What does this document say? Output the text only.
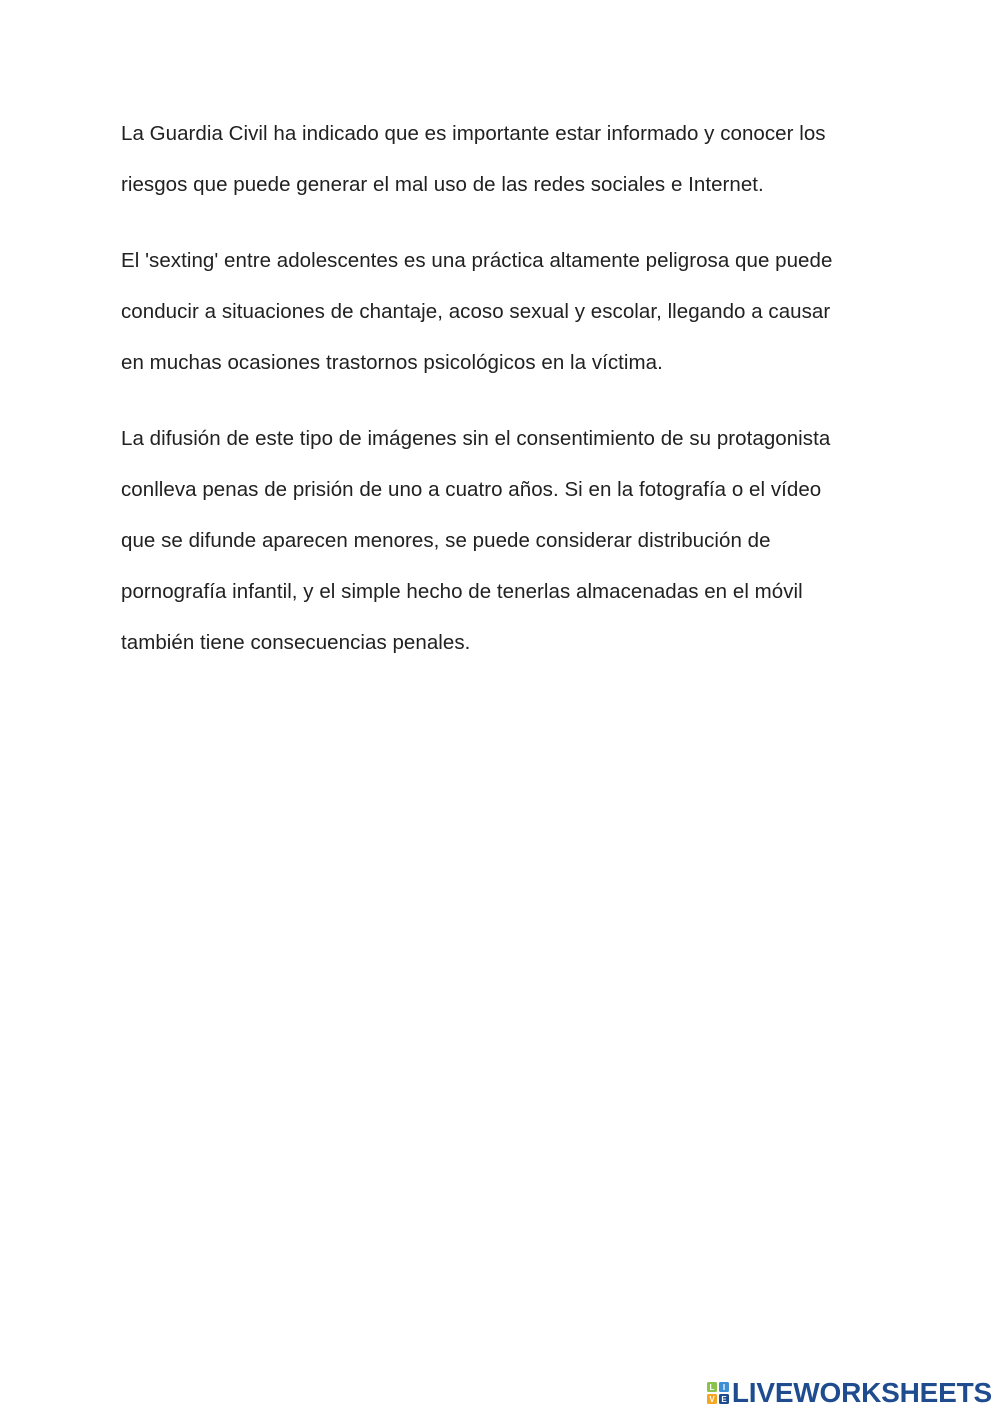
La Guardia Civil ha indicado que es importante estar informado y conocer los
riesgos que puede generar el mal uso de las redes sociales e Internet.

El 'sexting' entre adolescentes es una práctica altamente peligrosa que puede
conducir a situaciones de chantaje, acoso sexual y escolar, llegando a causar
en muchas ocasiones trastornos psicológicos en la víctima.

La difusión de este tipo de imágenes sin el consentimiento de su protagonista
conlleva penas de prisión de uno a cuatro años. Si en la fotografía o el vídeo
que se difunde aparecen menores, se puede considerar distribución de
pornografía infantil, y el simple hecho de tenerlas almacenadas en el móvil
también tiene consecuencias penales.

L I
V E LIVEWORKSHEETS
